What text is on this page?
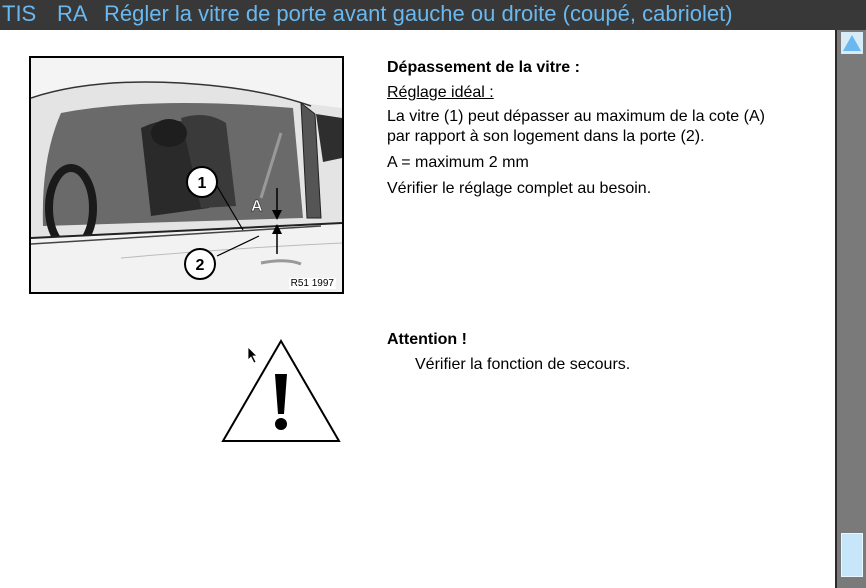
TIS RA Régler la vitre de porte avant gauche ou droite (coupé, cabriolet)
1
2
A
R51 1997
Dépassement de la vitre :
Réglage idéal :
La vitre (1) peut dépasser au maximum de la cote (A)
par rapport à son logement dans la porte (2).
A = maximum 2 mm
Vérifier le réglage complet au besoin.
Attention !
Vérifier la fonction de secours.
